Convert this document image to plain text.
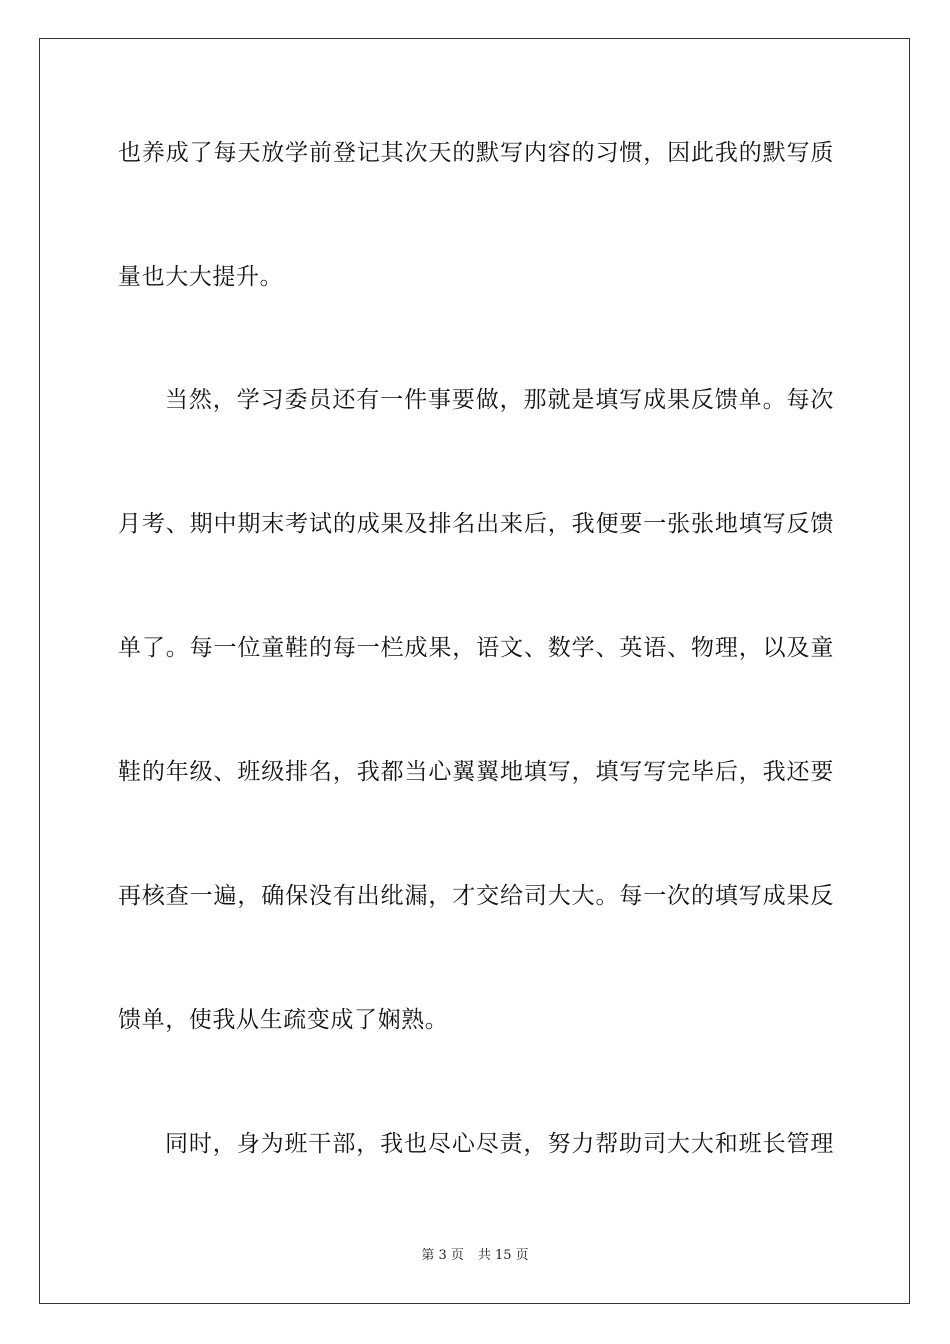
也养成了每天放学前登记其次天的默写内容的习惯，因此我的默写质
量也大大提升。
当然，学习委员还有一件事要做，那就是填写成果反馈单。每次
月考、期中期末考试的成果及排名出来后，我便要一张张地填写反馈
单了。每一位童鞋的每一栏成果，语文、数学、英语、物理，以及童
鞋的年级、班级排名，我都当心翼翼地填写，填写写完毕后，我还要
再核查一遍，确保没有出纰漏，才交给司大大。每一次的填写成果反
馈单，使我从生疏变成了娴熟。
同时，身为班干部，我也尽心尽责，努力帮助司大大和班长管理
第 3 页 共 15 页
